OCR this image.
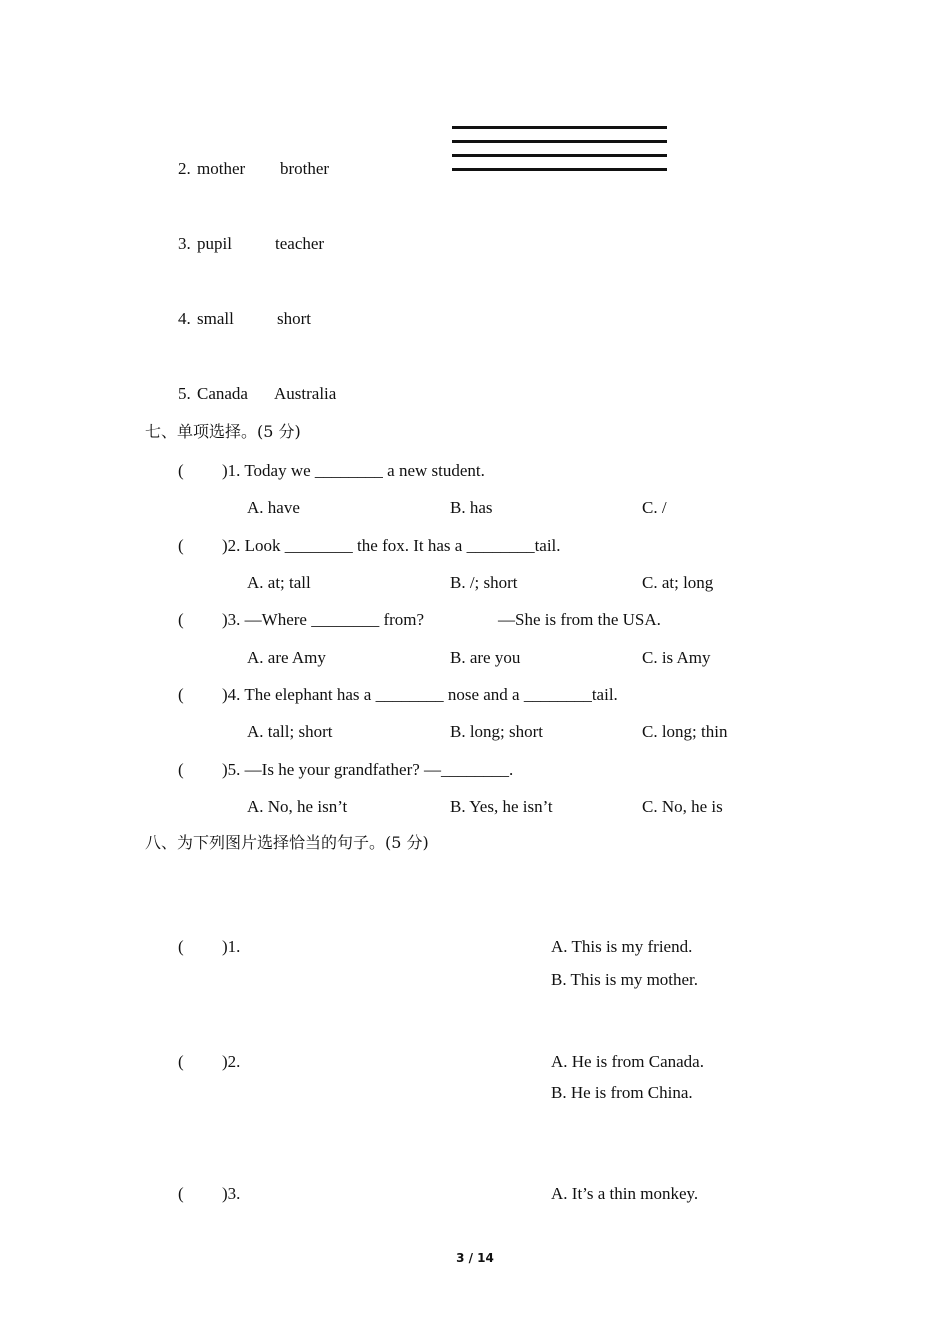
2. mother brother
3. pupil	teacher
4. small	short
5. Canada Australia
七、单项选择。(5 分)
( )1. Today we ________ a new student.
A. have	B. has	C. /
( )2. Look ________ the fox. It has a ________tail.
A. at; tall	B. /; short	C. at; long
( )3. —Where ________ from?	—She is from the USA.
A. are Amy	B. are you	C. is Amy
( )4. The elephant has a ________ nose and a ________tail.
A. tall; short	B. long; short	C. long; thin
( )5. —Is he your grandfather? —________.
A. No, he isn’t	B. Yes, he isn’t	C. No, he is
八、为下列图片选择恰当的句子。(5 分)
( )1.	A. This is my friend.
B. This is my mother.
( )2.	A. He is from Canada.
B. He is from China.
( )3.	A. It’s a thin monkey.
3 / 14
